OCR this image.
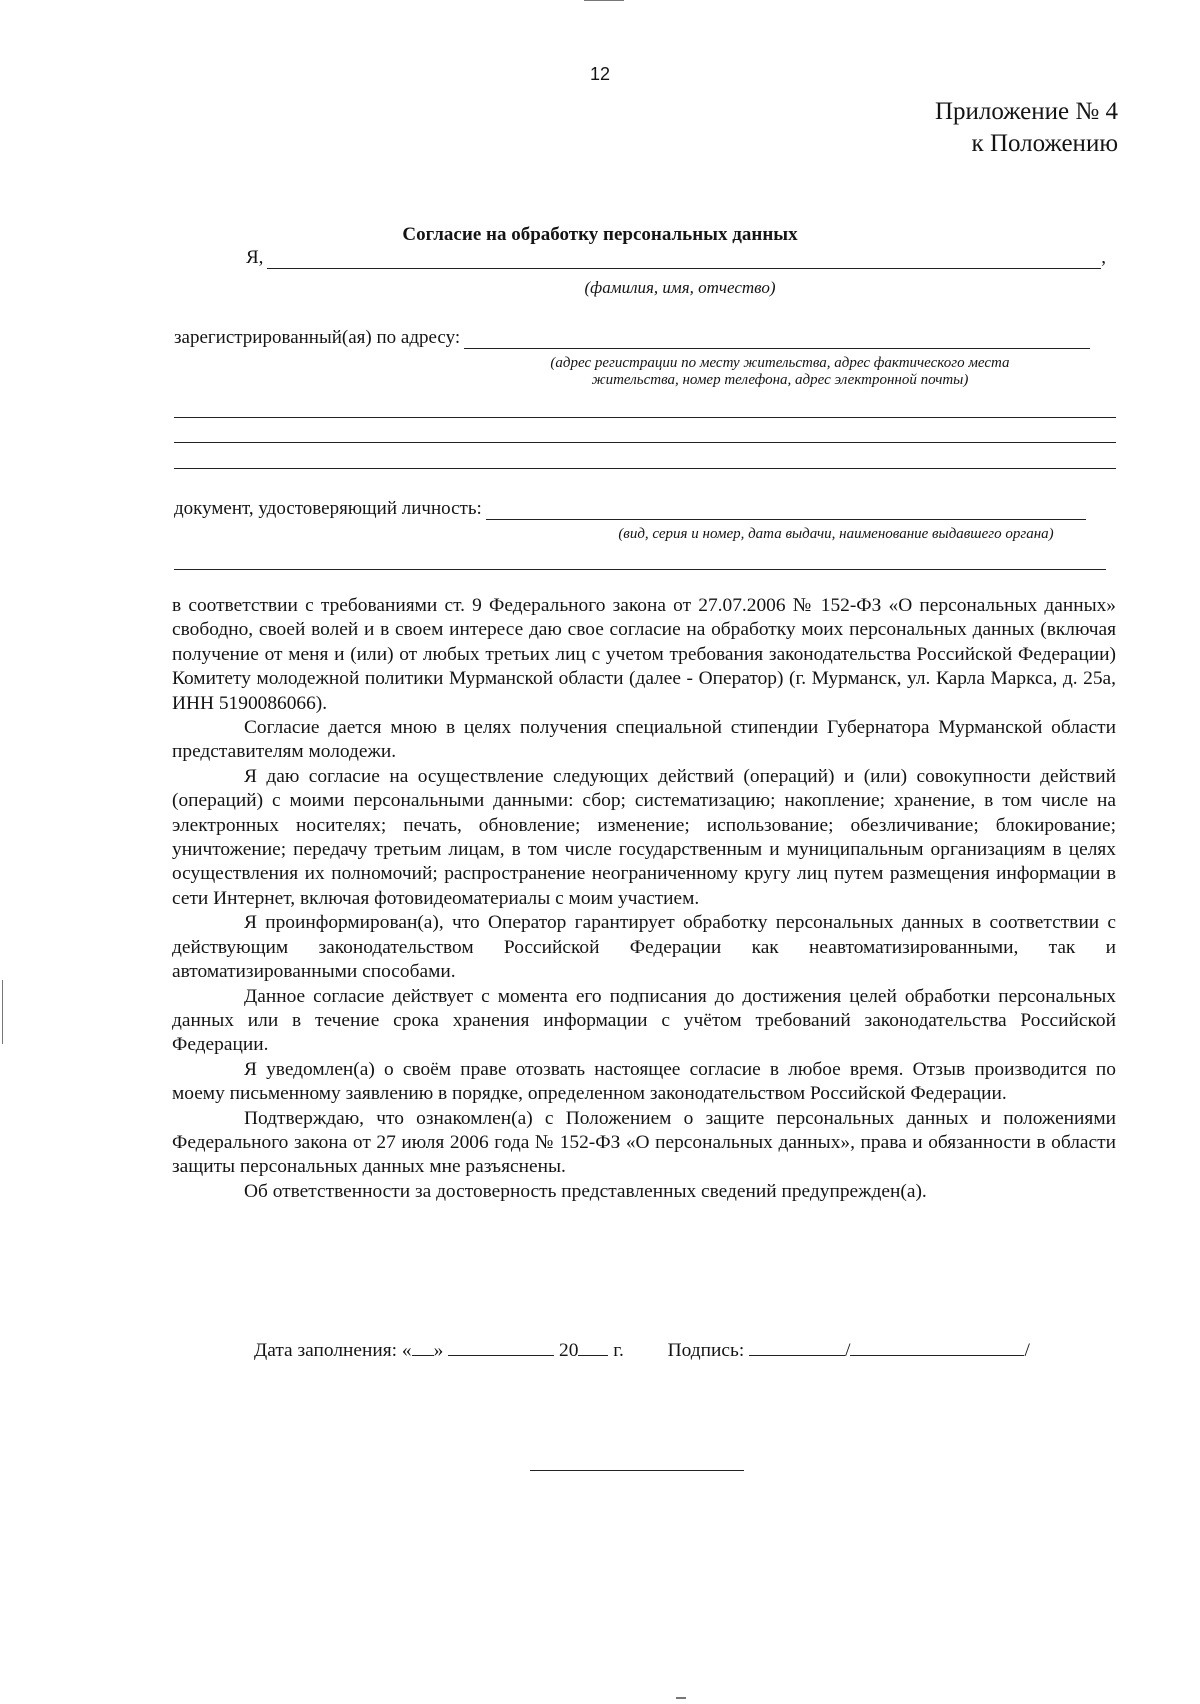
12
Приложение № 4
к Положению
Согласие на обработку персональных данных
Я,	,
(фамилия, имя, отчество)
зарегистрированный(ая) по адресу:
(адрес регистрации по месту жительства, адрес фактического места
жительства, номер телефона, адрес электронной почты)
документ, удостоверяющий личность:
(вид, серия и номер, дата выдачи, наименование выдавшего органа)

в соответствии с требованиями ст. 9 Федерального закона от 27.07.2006 № 152-ФЗ «О персональных данных» свободно, своей волей и в своем интересе даю свое согласие на обработку моих персональных данных (включая получение от меня и (или) от любых третьих лиц с учетом требования законодательства Российской Федерации) Комитету молодежной политики Мурманской области (далее - Оператор) (г. Мурманск, ул. Карла Маркса, д. 25а, ИНН 5190086066).

Согласие дается мною в целях получения специальной стипендии Губернатора Мурманской области представителям молодежи.

Я даю согласие на осуществление следующих действий (операций) и (или) совокупности действий (операций) с моими персональными данными: сбор; систематизацию; накопление; хранение, в том числе на электронных носителях; печать, обновление; изменение; использование; обезличивание; блокирование; уничтожение; передачу третьим лицам, в том числе государственным и муниципальным организациям в целях осуществления их полномочий; распространение неограниченному кругу лиц путем размещения информации в сети Интернет, включая фотовидеоматериалы с моим участием.

Я проинформирован(а), что Оператор гарантирует обработку персональных данных в соответствии с действующим законодательством Российской Федерации как неавтоматизированными, так и автоматизированными способами.

Данное согласие действует с момента его подписания до достижения целей обработки персональных данных или в течение срока хранения информации с учётом требований законодательства Российской Федерации.

Я уведомлен(а) о своём праве отозвать настоящее согласие в любое время. Отзыв производится по моему письменному заявлению в порядке, определенном законодательством Российской Федерации.

Подтверждаю, что ознакомлен(а) с Положением о защите персональных данных и положениями Федерального закона от 27 июля 2006 года № 152-ФЗ «О персональных данных», права и обязанности в области защиты персональных данных мне разъяснены.

Об ответственности за достоверность представленных сведений предупрежден(а).

Дата заполнения: « »	20 г. Подпись:	/	/
